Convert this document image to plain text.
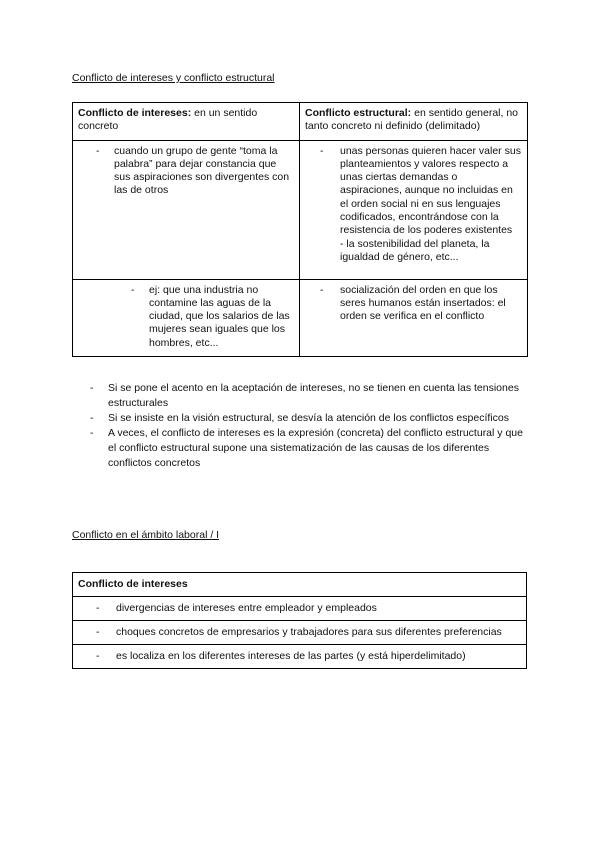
Conflicto de intereses y conflicto estructural
Conflicto de intereses: en un sentido concreto	Conflicto estructural: en sentido general, no tanto concreto ni definido (delimitado)

- cuando un grupo de gente “toma la palabra” para dejar constancia que sus aspiraciones son divergentes con las de otros	- unas personas quieren hacer valer sus planteamientos y valores respecto a unas ciertas demandas o aspiraciones, aunque no incluidas en el orden social ni en sus lenguajes codificados, encontrándose con la resistencia de los poderes existentes
- la sostenibilidad del planeta, la igualdad de género, etc...

- ej: que una industria no contamine las aguas de la ciudad, que los salarios de las mujeres sean iguales que los hombres, etc...	- socialización del orden en que los seres humanos están insertados: el orden se verifica en el conflicto
-	Si se pone el acento en la aceptación de intereses, no se tienen en cuenta las tensiones estructurales
-	Si se insiste en la visión estructural, se desvía la atención de los conflictos específicos
-	A veces, el conflicto de intereses es la expresión (concreta) del conflicto estructural y que el conflicto estructural supone una sistematización de las causas de los diferentes conflictos concretos
Conflicto en el ámbito laboral / I
Conflicto de intereses

-	divergencias de intereses entre empleador y empleados

-	choques concretos de empresarios y trabajadores para sus diferentes preferencias

-	es localiza en los diferentes intereses de las partes (y está hiperdelimitado)
